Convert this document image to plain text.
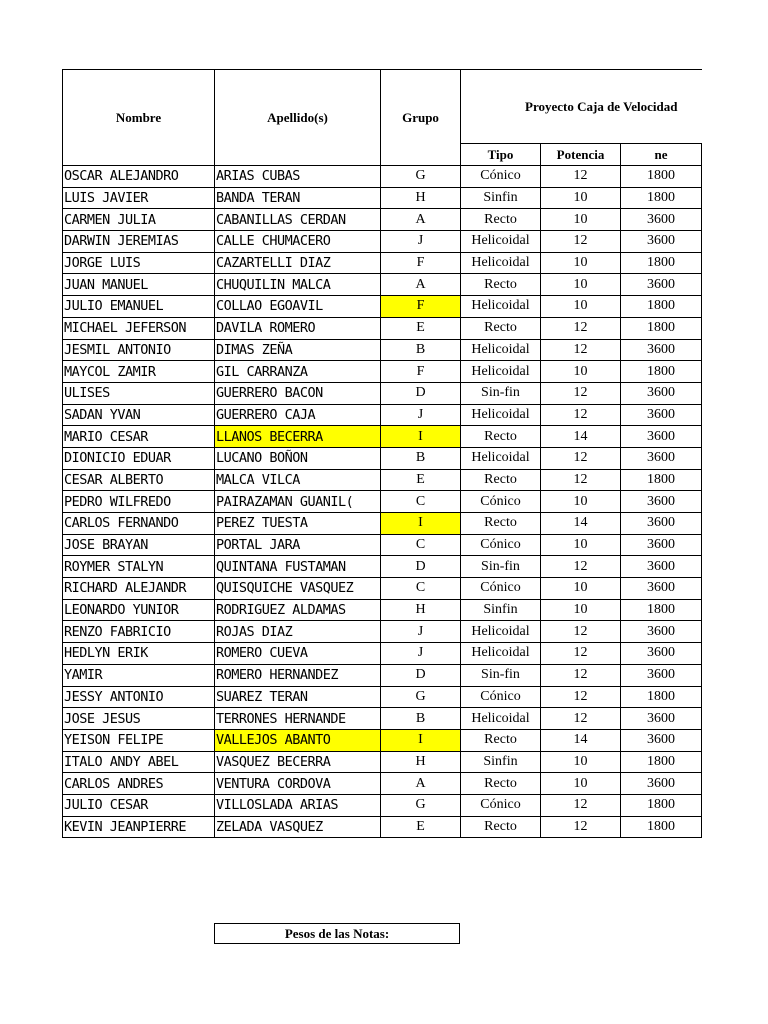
Nombre	Apellido(s)	Grupo	Proyecto Caja de Velocidad		
			Tipo	Potencia	ne
OSCAR ALEJANDRO	ARIAS CUBAS	G	Cónico	12	1800
LUIS JAVIER	BANDA TERAN	H	Sinfin	10	1800
CARMEN JULIA	CABANILLAS CERDAN	A	Recto	10	3600
DARWIN JEREMIAS	CALLE CHUMACERO	J	Helicoidal	12	3600
JORGE LUIS	CAZARTELLI DIAZ	F	Helicoidal	10	1800
JUAN MANUEL	CHUQUILIN MALCA	A	Recto	10	3600
JULIO EMANUEL	COLLAO EGOAVIL	F	Helicoidal	10	1800
MICHAEL JEFERSON	DAVILA ROMERO	E	Recto	12	1800
JESMIL ANTONIO	DIMAS ZEÑA	B	Helicoidal	12	3600
MAYCOL ZAMIR	GIL CARRANZA	F	Helicoidal	10	1800
ULISES	GUERRERO BACON	D	Sin-fin	12	3600
SADAN YVAN	GUERRERO CAJA	J	Helicoidal	12	3600
MARIO CESAR	LLANOS BECERRA	I	Recto	14	3600
DIONICIO EDUAR	LUCANO BOÑON	B	Helicoidal	12	3600
CESAR ALBERTO	MALCA VILCA	E	Recto	12	1800
PEDRO WILFREDO	PAIRAZAMAN GUANIL(	C	Cónico	10	3600
CARLOS FERNANDO	PEREZ TUESTA	I	Recto	14	3600
JOSE BRAYAN	PORTAL JARA	C	Cónico	10	3600
ROYMER STALYN	QUINTANA FUSTAMAN	D	Sin-fin	12	3600
RICHARD ALEJANDR	QUISQUICHE VASQUEZ	C	Cónico	10	3600
LEONARDO YUNIOR	RODRIGUEZ ALDAMAS	H	Sinfin	10	1800
RENZO FABRICIO	ROJAS DIAZ	J	Helicoidal	12	3600
HEDLYN ERIK	ROMERO CUEVA	J	Helicoidal	12	3600
YAMIR	ROMERO HERNANDEZ	D	Sin-fin	12	3600
JESSY ANTONIO	SUAREZ TERAN	G	Cónico	12	1800
JOSE JESUS	TERRONES HERNANDE	B	Helicoidal	12	3600
YEISON FELIPE	VALLEJOS ABANTO	I	Recto	14	3600
ITALO ANDY ABEL	VASQUEZ BECERRA	H	Sinfin	10	1800
CARLOS ANDRES	VENTURA CORDOVA	A	Recto	10	3600
JULIO CESAR	VILLOSLADA ARIAS	G	Cónico	12	1800
KEVIN JEANPIERRE	ZELADA VASQUEZ	E	Recto	12	1800
Pesos de las Notas:
